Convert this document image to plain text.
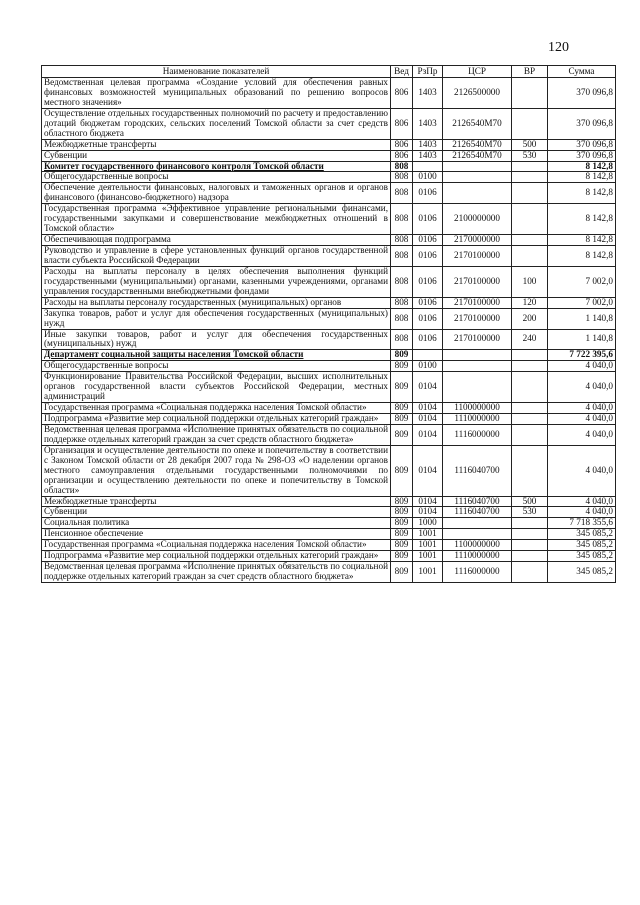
120
Наименование показателей	Вед	РзПр	ЦСР	ВР	Сумма
Ведомственная целевая программа «Создание условий для обеспечения равных финансовых возможностей муниципальных образований по решению вопросов местного значения»	806	1403	2126500000		370 096,8
Осуществление отдельных государственных полномочий по расчету и предоставлению дотаций бюджетам городских, сельских поселений Томской области за счет средств областного бюджета	806	1403	2126540М70		370 096,8
Межбюджетные трансферты	806	1403	2126540М70	500	370 096,8
Субвенции	806	1403	2126540М70	530	370 096,8
Комитет государственного финансового контроля Томской области	808				8 142,8
Общегосударственные вопросы	808	0100			8 142,8
Обеспечение деятельности финансовых, налоговых и таможенных органов и органов финансового (финансово-бюджетного) надзора	808	0106			8 142,8
Государственная программа «Эффективное управление региональными финансами, государственными закупками и совершенствование межбюджетных отношений в Томской области»	808	0106	2100000000		8 142,8
Обеспечивающая подпрограмма	808	0106	2170000000		8 142,8
Руководство и управление в сфере установленных функций органов государственной власти субъекта Российской Федерации	808	0106	2170100000		8 142,8
Расходы на выплаты персоналу в целях обеспечения выполнения функций государственными (муниципальными) органами, казенными учреждениями, органами управления государственными внебюджетными фондами	808	0106	2170100000	100	7 002,0
Расходы на выплаты персоналу государственных (муниципальных) органов	808	0106	2170100000	120	7 002,0
Закупка товаров, работ и услуг для обеспечения государственных (муниципальных) нужд	808	0106	2170100000	200	1 140,8
Иные закупки товаров, работ и услуг для обеспечения государственных (муниципальных) нужд	808	0106	2170100000	240	1 140,8
Департамент социальной защиты населения Томской области	809				7 722 395,6
Общегосударственные вопросы	809	0100			4 040,0
Функционирование Правительства Российской Федерации, высших исполнительных органов государственной власти субъектов Российской Федерации, местных администраций	809	0104			4 040,0
Государственная программа «Социальная поддержка населения Томской области»	809	0104	1100000000		4 040,0
Подпрограмма «Развитие мер социальной поддержки отдельных категорий граждан»	809	0104	1110000000		4 040,0
Ведомственная целевая программа «Исполнение принятых обязательств по социальной поддержке отдельных категорий граждан за счет средств областного бюджета»	809	0104	1116000000		4 040,0
Организация и осуществление деятельности по опеке и попечительству в соответствии с Законом Томской области от 28 декабря 2007 года № 298-ОЗ «О наделении органов местного самоуправления отдельными государственными полномочиями по организации и осуществлению деятельности по опеке и попечительству в Томской области»	809	0104	1116040700		4 040,0
Межбюджетные трансферты	809	0104	1116040700	500	4 040,0
Субвенции	809	0104	1116040700	530	4 040,0
Социальная политика	809	1000			7 718 355,6
Пенсионное обеспечение	809	1001			345 085,2
Государственная программа «Социальная поддержка населения Томской области»	809	1001	1100000000		345 085,2
Подпрограмма «Развитие мер социальной поддержки отдельных категорий граждан»	809	1001	1110000000		345 085,2
Ведомственная целевая программа «Исполнение принятых обязательств по социальной поддержке отдельных категорий граждан за счет средств областного бюджета»	809	1001	1116000000		345 085,2
